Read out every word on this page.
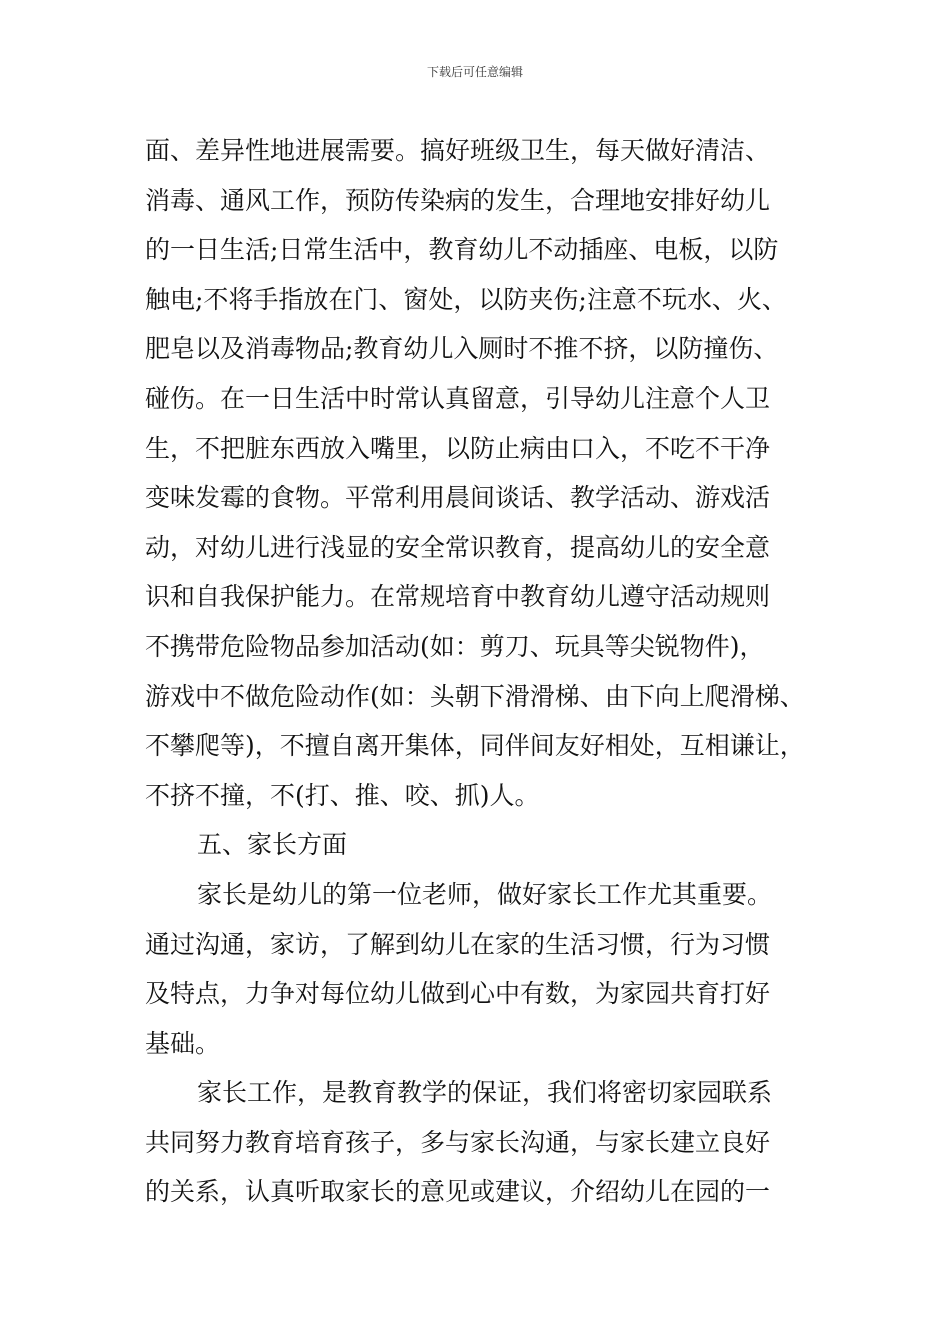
下载后可任意编辑
面、差异性地进展需要。搞好班级卫生，每天做好清洁、
消毒、通风工作，预防传染病的发生，合理地安排好幼儿
的一日生活;日常生活中，教育幼儿不动插座、电板，以防
触电;不将手指放在门、窗处，以防夹伤;注意不玩水、火、
肥皂以及消毒物品;教育幼儿入厕时不推不挤，以防撞伤、
碰伤。在一日生活中时常认真留意，引导幼儿注意个人卫
生，不把脏东西放入嘴里，以防止病由口入，不吃不干净
变味发霉的食物。平常利用晨间谈话、教学活动、游戏活
动，对幼儿进行浅显的安全常识教育，提高幼儿的安全意
识和自我保护能力。在常规培育中教育幼儿遵守活动规则
不携带危险物品参加活动(如：剪刀、玩具等尖锐物件)，
游戏中不做危险动作(如：头朝下滑滑梯、由下向上爬滑梯、
不攀爬等)，不擅自离开集体，同伴间友好相处，互相谦让，
不挤不撞，不(打、推、咬、抓)人。
五、家长方面
家长是幼儿的第一位老师，做好家长工作尤其重要。
通过沟通，家访，了解到幼儿在家的生活习惯，行为习惯
及特点，力争对每位幼儿做到心中有数，为家园共育打好
基础。
家长工作，是教育教学的保证，我们将密切家园联系
共同努力教育培育孩子，多与家长沟通，与家长建立良好
的关系，认真听取家长的意见或建议，介绍幼儿在园的一
